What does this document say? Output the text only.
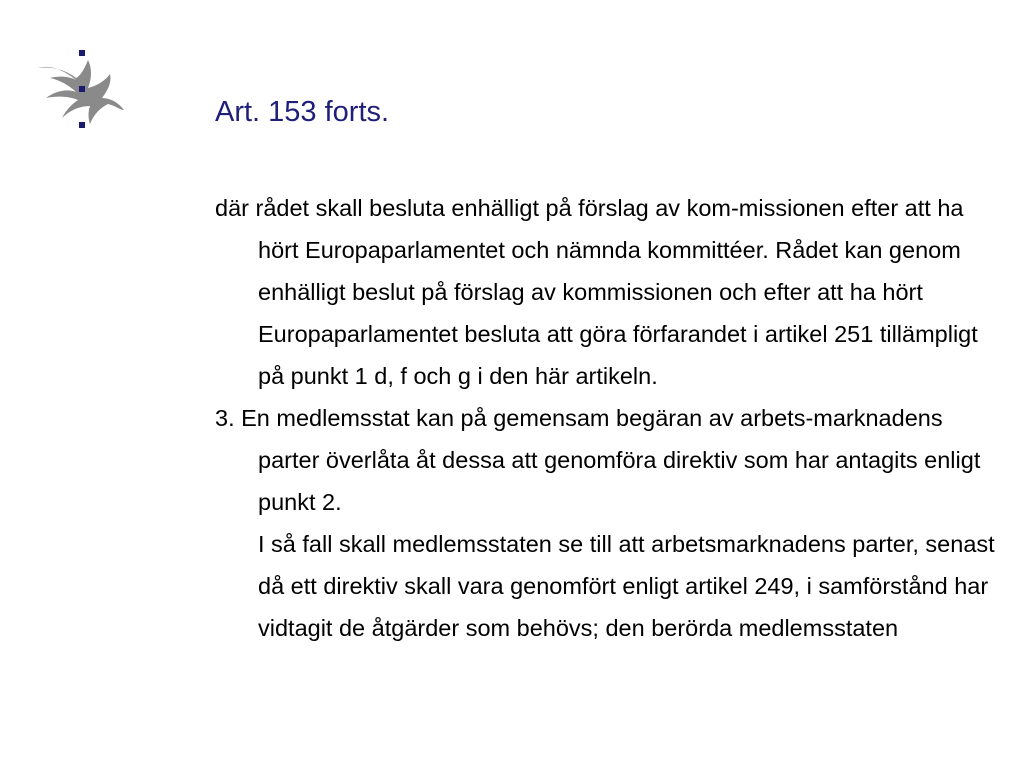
Art. 153 forts.

där rådet skall besluta enhälligt på förslag av kom-missionen efter att ha hört Europaparlamentet och nämnda kommittéer. Rådet kan genom enhälligt beslut på förslag av kommissionen och efter att ha hört Europaparlamentet besluta att göra förfarandet i artikel 251 tillämpligt på punkt 1 d, f och g i den här artikeln.

3. En medlemsstat kan på gemensam begäran av arbets-marknadens parter överlåta åt dessa att genomföra direktiv som har antagits enligt punkt 2.

I så fall skall medlemsstaten se till att arbetsmarknadens parter, senast då ett direktiv skall vara genomfört enligt artikel 249, i samförstånd har vidtagit de åtgärder som behövs; den berörda medlemsstaten
